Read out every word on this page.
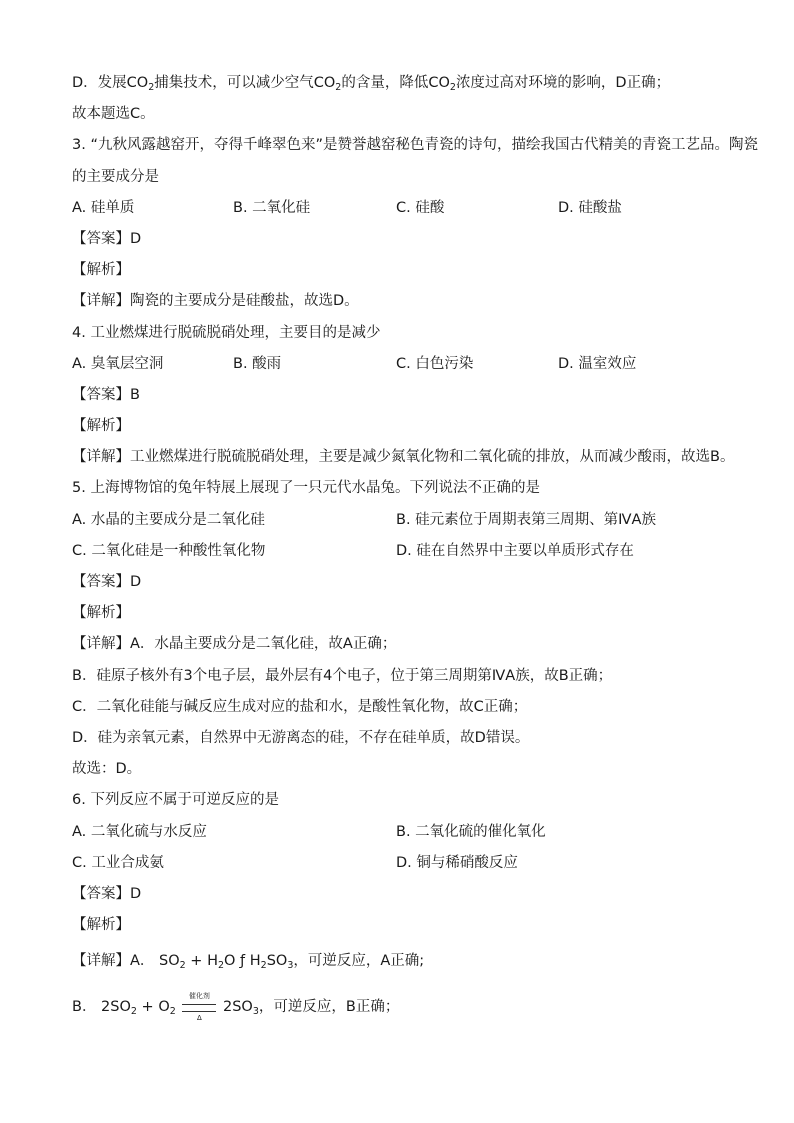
D．发展$CO_2$捕集技术，可以减少空气$CO_2$的含量，降低$CO_2$浓度过高对环境的影响，D正确；
故本题选C。
3. “九秋风露越窑开，夺得千峰翠色来”是赞誉越窑秘色青瓷的诗句，描绘我国古代精美的青瓷工艺品。陶瓷
的主要成分是
A. 硅单质	B. 二氧化硅	C. 硅酸	D. 硅酸盐
【答案】D
【解析】
【详解】陶瓷的主要成分是硅酸盐，故选D。
4. 工业燃煤进行脱硫脱硝处理，主要目的是减少
A. 臭氧层空洞	B. 酸雨	C. 白色污染	D. 温室效应
【答案】B
【解析】
【详解】工业燃煤进行脱硫脱硝处理，主要是减少氮氧化物和二氧化硫的排放，从而减少酸雨，故选B。
5. 上海博物馆的兔年特展上展现了一只元代水晶兔。下列说法不正确的是
A. 水晶的主要成分是二氧化硅	B. 硅元素位于周期表第三周期、第ⅣA族
C. 二氧化硅是一种酸性氧化物	D. 硅在自然界中主要以单质形式存在
【答案】D
【解析】
【详解】A．水晶主要成分是二氧化硅，故A正确；
B．硅原子核外有3个电子层，最外层有4个电子，位于第三周期第ⅣA族，故B正确；
C．二氧化硅能与碱反应生成对应的盐和水，是酸性氧化物，故C正确；
D．硅为亲氧元素，自然界中无游离态的硅，不存在硅单质，故D错误。
故选：D。
6. 下列反应不属于可逆反应的是
A. 二氧化硫与水反应	B. 二氧化硫的催化氧化
C. 工业合成氨	D. 铜与稀硝酸反应
【答案】D
【解析】
【详解】A． $SO_2 + H_2O$ ƒ $H_2SO_3$，可逆反应，A正确;
B． $2SO_2 + O_2$
催化剂
Δ
$2SO_3$，可逆反应，B正确；
